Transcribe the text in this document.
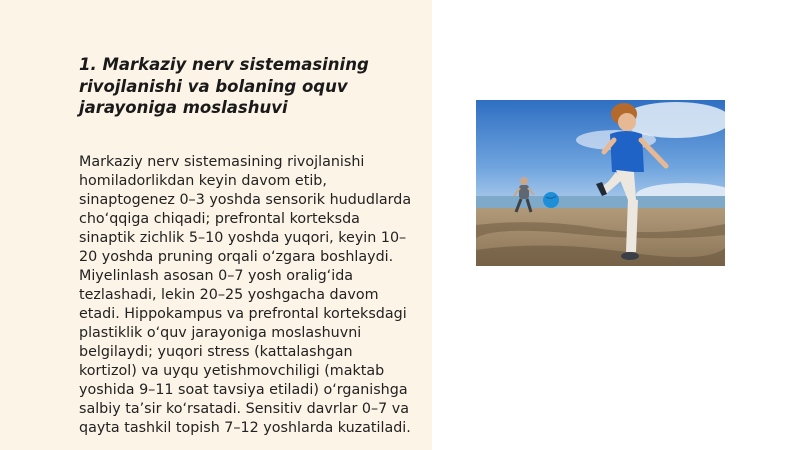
1. Markaziy nerv sistemasining rivojlanishi va bolaning oquv jarayoniga moslashuvi

Markaziy nerv sistemasining rivojlanishi homiladorlikdan keyin davom etib, sinaptogenez 0–3 yoshda sensorik hududlarda cho‘qqiga chiqadi; prefrontal korteksda sinaptik zichlik 5–10 yoshda yuqori, keyin 10–20 yoshda pruning orqali o‘zgara boshlaydi. Miyelinlash asosan 0–7 yosh oralig‘ida tezlashadi, lekin 20–25 yoshgacha davom etadi. Hippokampus va prefrontal korteksdagi plastiklik o‘quv jarayoniga moslashuvni belgilaydi; yuqori stress (kattalashgan kortizol) va uyqu yetishmovchiligi (maktab yoshida 9–11 soat tavsiya etiladi) o‘rganishga salbiy ta’sir ko‘rsatadi. Sensitiv davrlar 0–7 va qayta tashkil topish 7–12 yoshlarda kuzatiladi.
